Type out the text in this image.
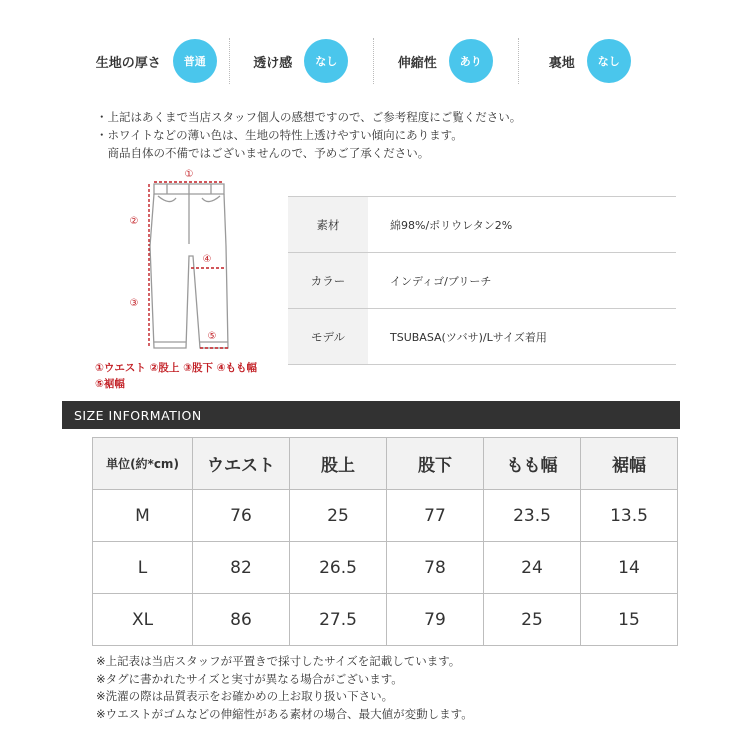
生地の厚さ	普通	透け感	なし	伸縮性	あり	裏地	なし

・上記はあくまで当店スタッフ個人の感想ですので、ご参考程度にご覧ください。

・ホワイトなどの薄い色は、生地の特性上透けやすい傾向にあります。

　商品自体の不備ではございませんので、予めご了承ください。

①
②
③
④
⑤
①ウエスト ②股上 ③股下 ④もも幅
⑤裾幅
素材	綿98%/ポリウレタン2%
カラー	インディゴ/ブリーチ
モデル	TSUBASA(ツバサ)/Lサイズ着用
SIZE INFORMATION
単位(約*cm)	ウエスト	股上	股下	もも幅	裾幅
M	76	25	77	23.5	13.5
L	82	26.5	78	24	14
XL	86	27.5	79	25	15

※上記表は当店スタッフが平置きで採寸したサイズを記載しています。

※タグに書かれたサイズと実寸が異なる場合がございます。

※洗濯の際は品質表示をお確かめの上お取り扱い下さい。

※ウエストがゴムなどの伸縮性がある素材の場合、最大値が変動します。
